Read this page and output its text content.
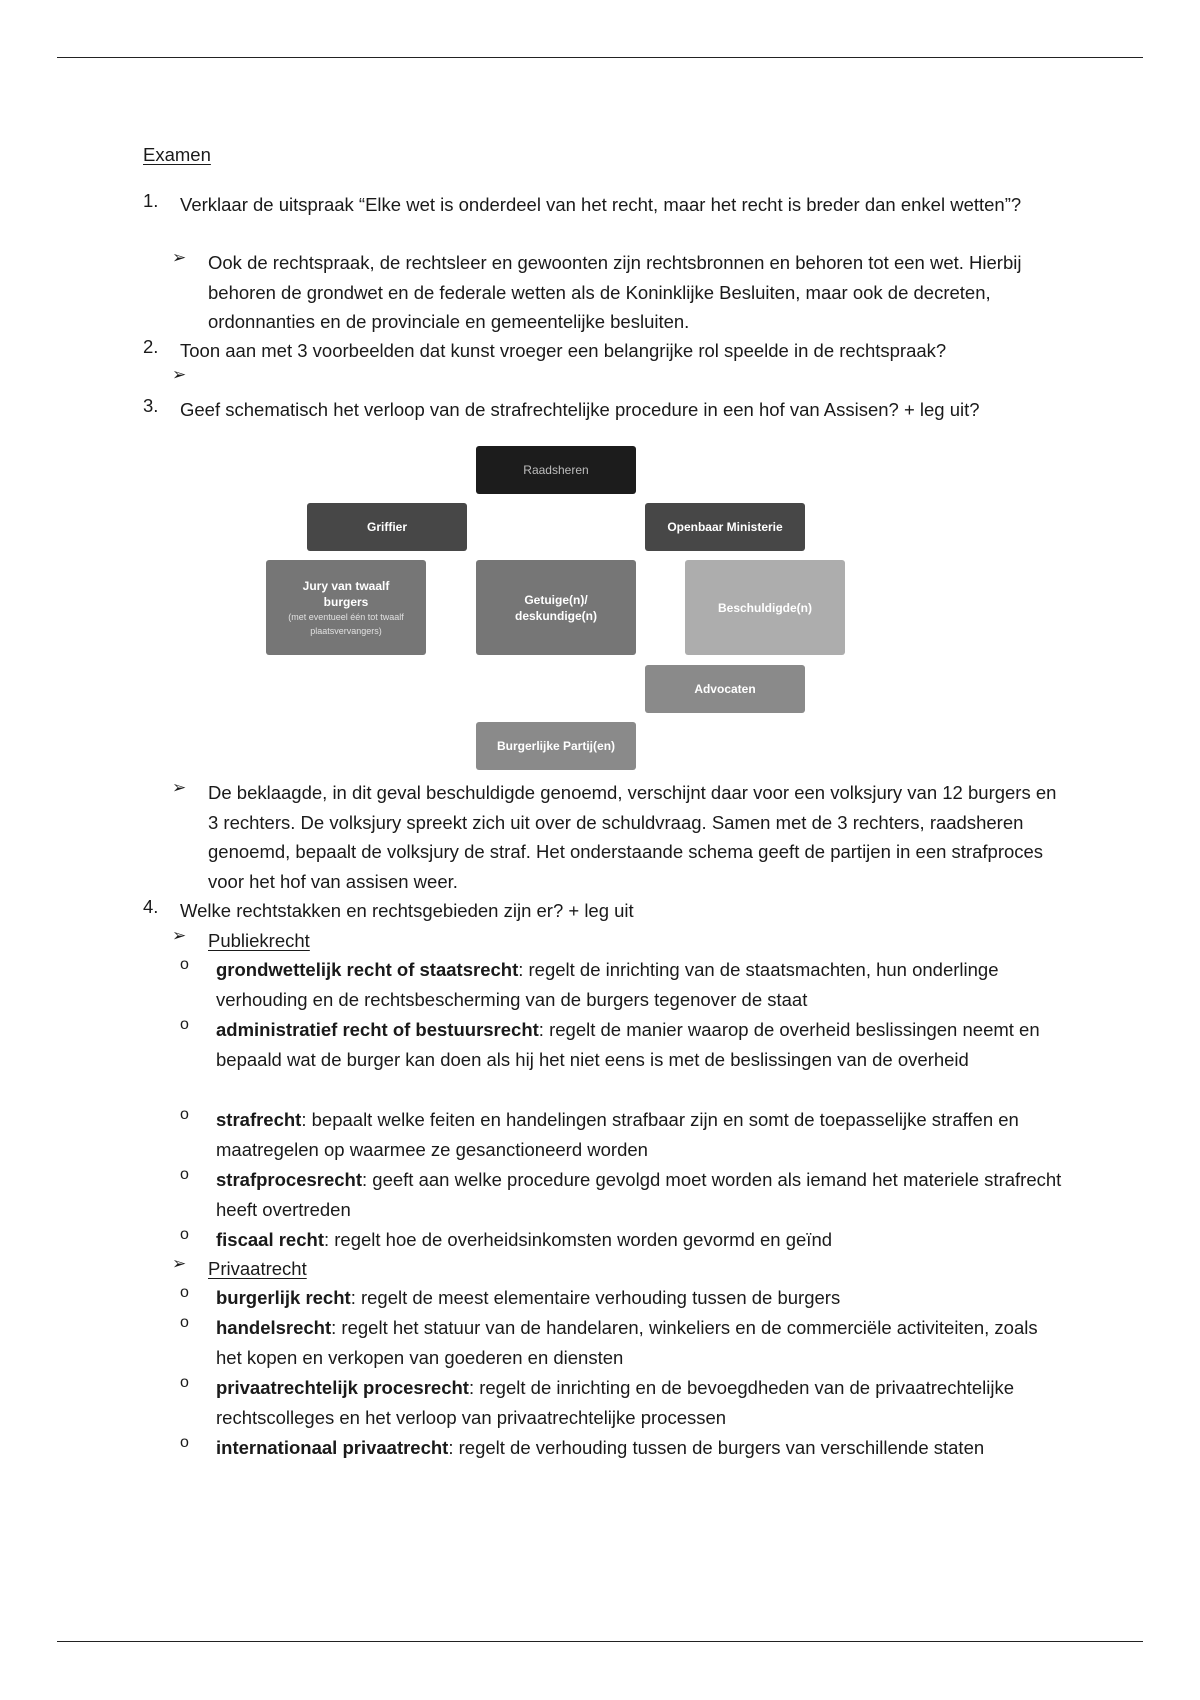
Examen
1. Verklaar de uitspraak “Elke wet is onderdeel van het recht, maar het recht is breder dan enkel wetten”?
➢ Ook de rechtspraak, de rechtsleer en gewoonten zijn rechtsbronnen en behoren tot een wet. Hierbij behoren de grondwet en de federale wetten als de Koninklijke Besluiten, maar ook de decreten, ordonnanties en de provinciale en gemeentelijke besluiten.
2. Toon aan met 3 voorbeelden dat kunst vroeger een belangrijke rol speelde in de rechtspraak?
➢
3. Geef schematisch het verloop van de strafrechtelijke procedure in een hof van Assisen? + leg uit?
Raadsheren
Griffier	Openbaar Ministerie
Jury van twaalf burgers
(met eventueel één tot twaalf plaatsvervangers)
Getuige(n)/ deskundige(n)
Beschuldigde(n)
Advocaten
Burgerlijke Partij(en)
➢ De beklaagde, in dit geval beschuldigde genoemd, verschijnt daar voor een volksjury van 12 burgers en 3 rechters. De volksjury spreekt zich uit over de schuldvraag. Samen met de 3 rechters, raadsheren genoemd, bepaalt de volksjury de straf. Het onderstaande schema geeft de partijen in een strafproces voor het hof van assisen weer.
4. Welke rechtstakken en rechtsgebieden zijn er? + leg uit
➢ Publiekrecht
o grondwettelijk recht of staatsrecht: regelt de inrichting van de staatsmachten, hun onderlinge verhouding en de rechtsbescherming van de burgers tegenover de staat
o administratief recht of bestuursrecht: regelt de manier waarop de overheid beslissingen neemt en bepaald wat de burger kan doen als hij het niet eens is met de beslissingen van de overheid
o strafrecht: bepaalt welke feiten en handelingen strafbaar zijn en somt de toepasselijke straffen en maatregelen op waarmee ze gesanctioneerd worden
o strafprocesrecht: geeft aan welke procedure gevolgd moet worden als iemand het materiele strafrecht heeft overtreden
o fiscaal recht: regelt hoe de overheidsinkomsten worden gevormd en geïnd
➢ Privaatrecht
o burgerlijk recht: regelt de meest elementaire verhouding tussen de burgers
o handelsrecht: regelt het statuur van de handelaren, winkeliers en de commerciële activiteiten, zoals het kopen en verkopen van goederen en diensten
o privaatrechtelijk procesrecht: regelt de inrichting en de bevoegdheden van de privaatrechtelijke rechtscolleges en het verloop van privaatrechtelijke processen
o internationaal privaatrecht: regelt de verhouding tussen de burgers van verschillende staten
